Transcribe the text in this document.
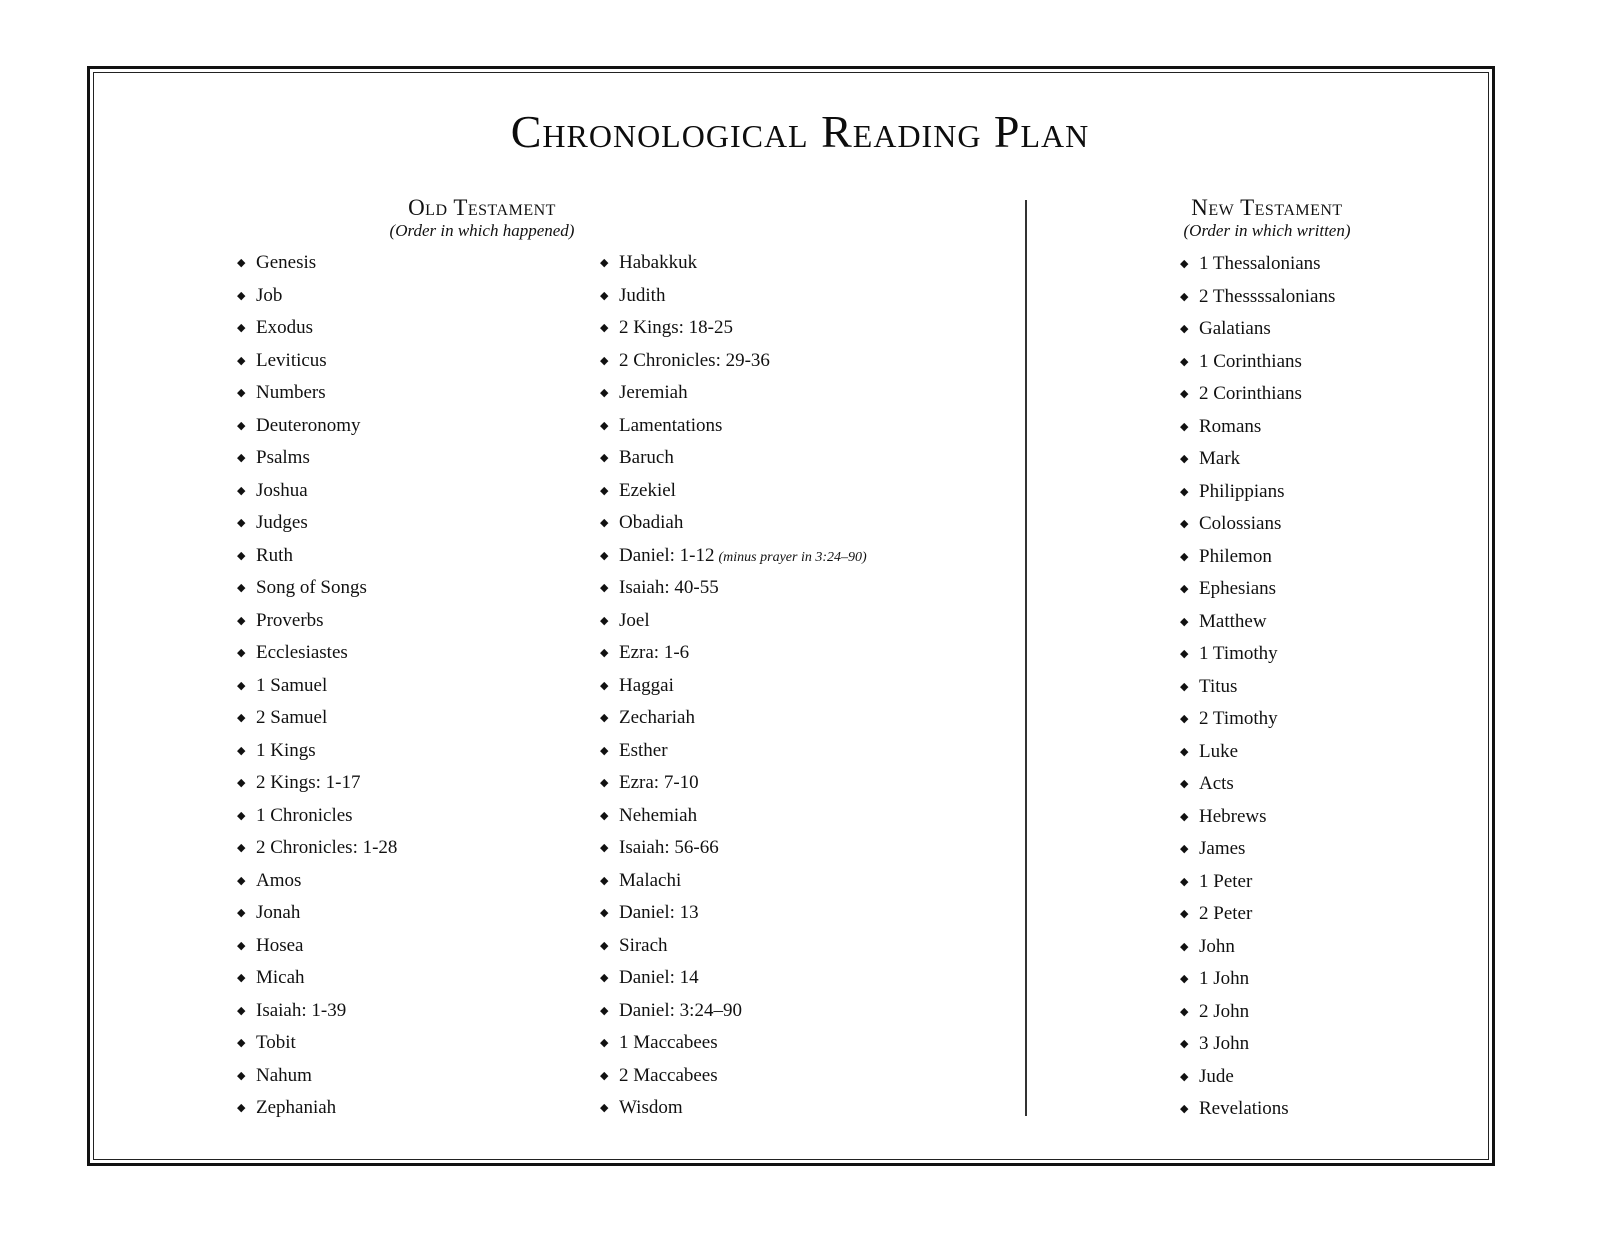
Chronological Reading Plan
Old Testament
(Order in which happened)
New Testament
(Order in which written)
◆ Genesis
◆ Job
◆ Exodus
◆ Leviticus
◆ Numbers
◆ Deuteronomy
◆ Psalms
◆ Joshua
◆ Judges
◆ Ruth
◆ Song of Songs
◆ Proverbs
◆ Ecclesiastes
◆ 1 Samuel
◆ 2 Samuel
◆ 1 Kings
◆ 2 Kings: 1-17
◆ 1 Chronicles
◆ 2 Chronicles: 1-28
◆ Amos
◆ Jonah
◆ Hosea
◆ Micah
◆ Isaiah: 1-39
◆ Tobit
◆ Nahum
◆ Zephaniah
◆ Habakkuk
◆ Judith
◆ 2 Kings: 18-25
◆ 2 Chronicles: 29-36
◆ Jeremiah
◆ Lamentations
◆ Baruch
◆ Ezekiel
◆ Obadiah
◆ Daniel: 1-12 (minus prayer in 3:24–90)
◆ Isaiah: 40-55
◆ Joel
◆ Ezra: 1-6
◆ Haggai
◆ Zechariah
◆ Esther
◆ Ezra: 7-10
◆ Nehemiah
◆ Isaiah: 56-66
◆ Malachi
◆ Daniel: 13
◆ Sirach
◆ Daniel: 14
◆ Daniel: 3:24–90
◆ 1 Maccabees
◆ 2 Maccabees
◆ Wisdom
◆ 1 Thessalonians
◆ 2 Thessssalonians
◆ Galatians
◆ 1 Corinthians
◆ 2 Corinthians
◆ Romans
◆ Mark
◆ Philippians
◆ Colossians
◆ Philemon
◆ Ephesians
◆ Matthew
◆ 1 Timothy
◆ Titus
◆ 2 Timothy
◆ Luke
◆ Acts
◆ Hebrews
◆ James
◆ 1 Peter
◆ 2 Peter
◆ John
◆ 1 John
◆ 2 John
◆ 3 John
◆ Jude
◆ Revelations
